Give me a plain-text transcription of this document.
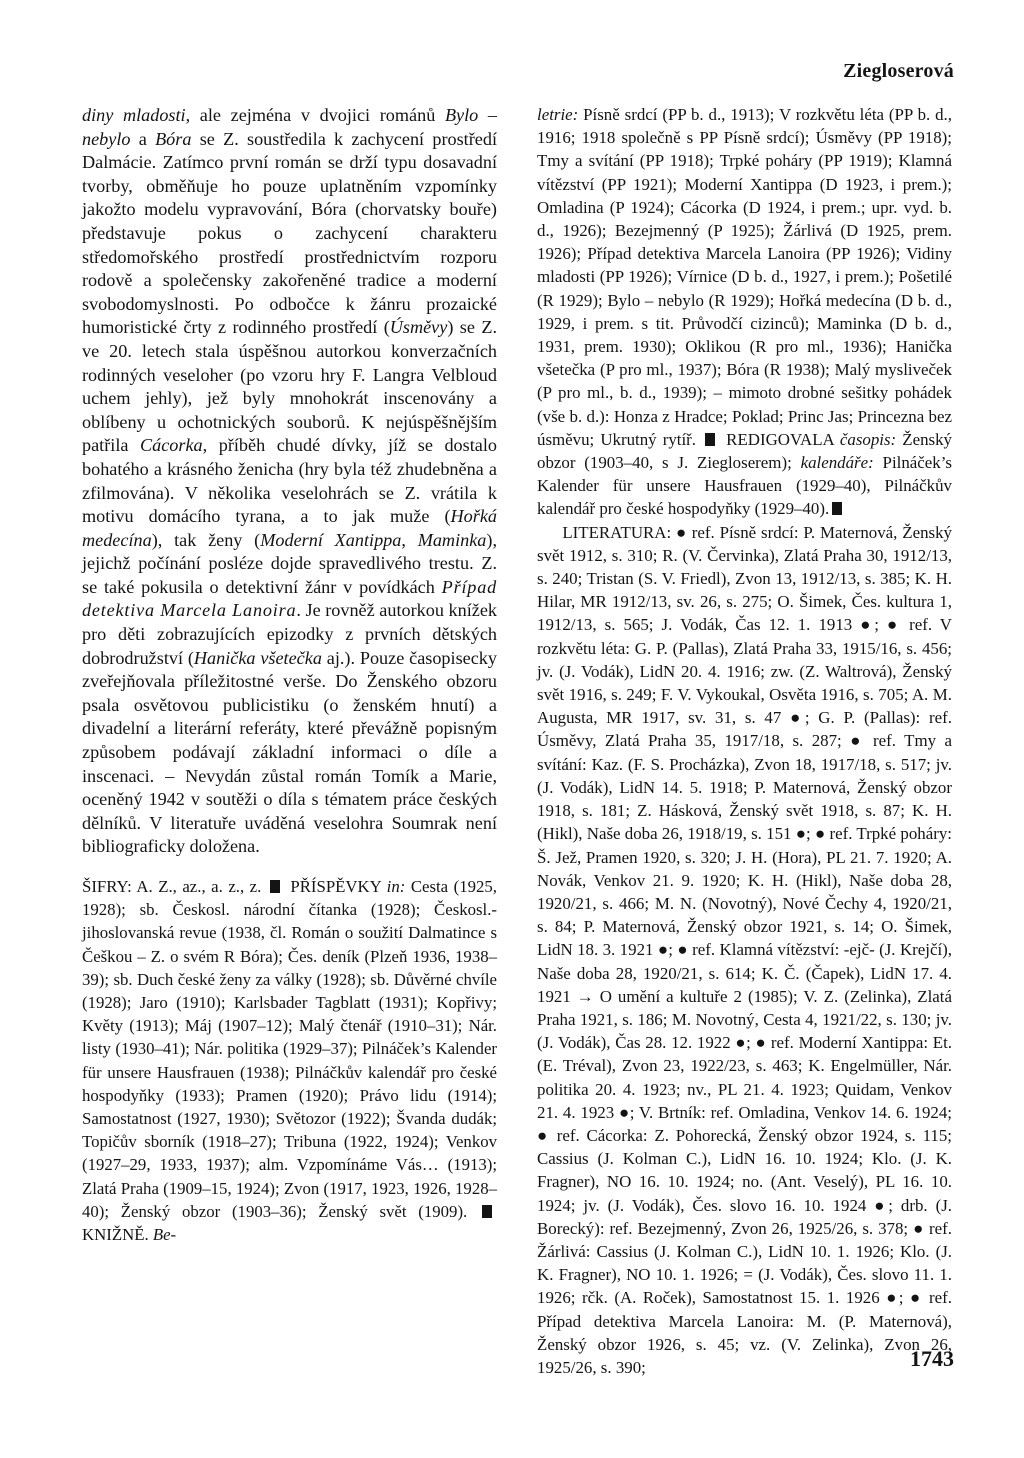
Ziegloserová

diny mladosti, ale zejména v dvojici románů Bylo – nebylo a Bóra se Z. soustředila k zachycení prostředí Dalmácie. Zatímco první román se drží typu dosavadní tvorby, obměňuje ho pouze uplatněním vzpomínky jakožto modelu vypravování, Bóra (chorvatsky bouře) představuje pokus o zachycení charakteru středomořského prostředí prostřednictvím rozporu rodově a společensky zakořeněné tradice a moderní svobodomyslnosti. Po odbočce k žánru prozaické humoristické črty z rodinného prostředí (Úsměvy) se Z. ve 20. letech stala úspěšnou autorkou konverzačních rodinných veseloher (po vzoru hry F. Langra Velbloud uchem jehly), jež byly mnohokrát inscenovány a oblíbeny u ochotnických souborů. K nejúspěšnějším patřila Cácorka, příběh chudé dívky, jíž se dostalo bohatého a krásného ženicha (hry byla též zhudebněna a zfilmována). V několika veselohrách se Z. vrátila k motivu domácího tyrana, a to jak muže (Hořká medecína), tak ženy (Moderní Xantippa, Maminka), jejichž počínání posléze dojde spravedlivého trestu. Z. se také pokusila o detektivní žánr v povídkách Případ detektiva Marcela Lanoira. Je rovněž autorkou knížek pro děti zobrazujících epizodky z prvních dětských dobrodružství (Hanička všetečka aj.). Pouze časopisecky zveřejňovala příležitostné verše. Do Ženského obzoru psala osvětovou publicistiku (o ženském hnutí) a divadelní a literární referáty, které převážně popisným způsobem podávají základní informaci o díle a inscenaci. – Nevydán zůstal román Tomík a Marie, oceněný 1942 v soutěži o díla s tématem práce českých dělníků. V literatuře uváděná veselohra Soumrak není bibliograficky doložena.

ŠIFRY: A. Z., az., a. z., z.  PŘÍSPĚVKY in: Cesta (1925, 1928); sb. Českosl. národní čítanka (1928); Českosl.-jihoslovanská revue (1938, čl. Román o soužití Dalmatince s Češkou – Z. o svém R Bóra); Čes. deník (Plzeň 1936, 1938–39); sb. Duch české ženy za války (1928); sb. Důvěrné chvíle (1928); Jaro (1910); Karlsbader Tagblatt (1931); Kopřivy; Květy (1913); Máj (1907–12); Malý čtenář (1910–31); Nár. listy (1930–41); Nár. politika (1929–37); Pilnáček’s Kalender für unsere Hausfrauen (1938); Pilnáčkův kalendář pro české hospodyňky (1933); Pramen (1920); Právo lidu (1914); Samostatnost (1927, 1930); Světozor (1922); Švanda dudák; Topičův sborník (1918–27); Tribuna (1922, 1924); Venkov (1927–29, 1933, 1937); alm. Vzpomínáme Vás… (1913); Zlatá Praha (1909–15, 1924); Zvon (1917, 1923, 1926, 1928–40); Ženský obzor (1903–36); Ženský svět (1909).  KNIŽNĚ. Be-

letrie: Písně srdcí (PP b. d., 1913); V rozkvětu léta (PP b. d., 1916; 1918 společně s PP Písně srdcí); Úsměvy (PP 1918); Tmy a svítání (PP 1918); Trpké poháry (PP 1919); Klamná vítězství (PP 1921); Moderní Xantippa (D 1923, i prem.); Omladina (P 1924); Cácorka (D 1924, i prem.; upr. vyd. b. d., 1926); Bezejmenný (P 1925); Žárlivá (D 1925, prem. 1926); Případ detektiva Marcela Lanoira (PP 1926); Vidiny mladosti (PP 1926); Vírnice (D b. d., 1927, i prem.); Pošetilé (R 1929); Bylo – nebylo (R 1929); Hořká medecína (D b. d., 1929, i prem. s tit. Průvodčí cizinců); Maminka (D b. d., 1931, prem. 1930); Oklikou (R pro ml., 1936); Hanička všetečka (P pro ml., 1937); Bóra (R 1938); Malý mysliveček (P pro ml., b. d., 1939); – mimoto drobné sešitky pohádek (vše b. d.): Honza z Hradce; Poklad; Princ Jas; Princezna bez úsměvu; Ukrutný rytíř.  REDIGOVALA časopis: Ženský obzor (1903–40, s J. Ziegloserem); kalendáře: Pilnáček’s Kalender für unsere Hausfrauen (1929–40), Pilnáčkův kalendář pro české hospodyňky (1929–40).

LITERATURA: ● ref. Písně srdcí: P. Maternová, Ženský svět 1912, s. 310; R. (V. Červinka), Zlatá Praha 30, 1912/13, s. 240; Tristan (S. V. Friedl), Zvon 13, 1912/13, s. 385; K. H. Hilar, MR 1912/13, sv. 26, s. 275; O. Šimek, Čes. kultura 1, 1912/13, s. 565; J. Vodák, Čas 12. 1. 1913 ●; ● ref. V rozkvětu léta: G. P. (Pallas), Zlatá Praha 33, 1915/16, s. 456; jv. (J. Vodák), LidN 20. 4. 1916; zw. (Z. Waltrová), Ženský svět 1916, s. 249; F. V. Vykoukal, Osvěta 1916, s. 705; A. M. Augusta, MR 1917, sv. 31, s. 47 ●; G. P. (Pallas): ref. Úsměvy, Zlatá Praha 35, 1917/18, s. 287; ● ref. Tmy a svítání: Kaz. (F. S. Procházka), Zvon 18, 1917/18, s. 517; jv. (J. Vodák), LidN 14. 5. 1918; P. Maternová, Ženský obzor 1918, s. 181; Z. Hásková, Ženský svět 1918, s. 87; K. H. (Hikl), Naše doba 26, 1918/19, s. 151 ●; ● ref. Trpké poháry: Š. Jež, Pramen 1920, s. 320; J. H. (Hora), PL 21. 7. 1920; A. Novák, Venkov 21. 9. 1920; K. H. (Hikl), Naše doba 28, 1920/21, s. 466; M. N. (Novotný), Nové Čechy 4, 1920/21, s. 84; P. Maternová, Ženský obzor 1921, s. 14; O. Šimek, LidN 18. 3. 1921 ●; ● ref. Klamná vítězství: -ejč- (J. Krejčí), Naše doba 28, 1920/21, s. 614; K. Č. (Čapek), LidN 17. 4. 1921 → O umění a kultuře 2 (1985); V. Z. (Zelinka), Zlatá Praha 1921, s. 186; M. Novotný, Cesta 4, 1921/22, s. 130; jv. (J. Vodák), Čas 28. 12. 1922 ●; ● ref. Moderní Xantippa: Et. (E. Tréval), Zvon 23, 1922/23, s. 463; K. Engelmüller, Nár. politika 20. 4. 1923; nv., PL 21. 4. 1923; Quidam, Venkov 21. 4. 1923 ●; V. Brtník: ref. Omladina, Venkov 14. 6. 1924; ● ref. Cácorka: Z. Pohorecká, Ženský obzor 1924, s. 115; Cassius (J. Kolman C.), LidN 16. 10. 1924; Klo. (J. K. Fragner), NO 16. 10. 1924; no. (Ant. Veselý), PL 16. 10. 1924; jv. (J. Vodák), Čes. slovo 16. 10. 1924 ●; drb. (J. Borecký): ref. Bezejmenný, Zvon 26, 1925/26, s. 378; ● ref. Žárlivá: Cassius (J. Kolman C.), LidN 10. 1. 1926; Klo. (J. K. Fragner), NO 10. 1. 1926; = (J. Vodák), Čes. slovo 11. 1. 1926; rčk. (A. Roček), Samostatnost 15. 1. 1926 ●; ● ref. Případ detektiva Marcela Lanoira: M. (P. Maternová), Ženský obzor 1926, s. 45; vz. (V. Zelinka), Zvon 26, 1925/26, s. 390;	1743
